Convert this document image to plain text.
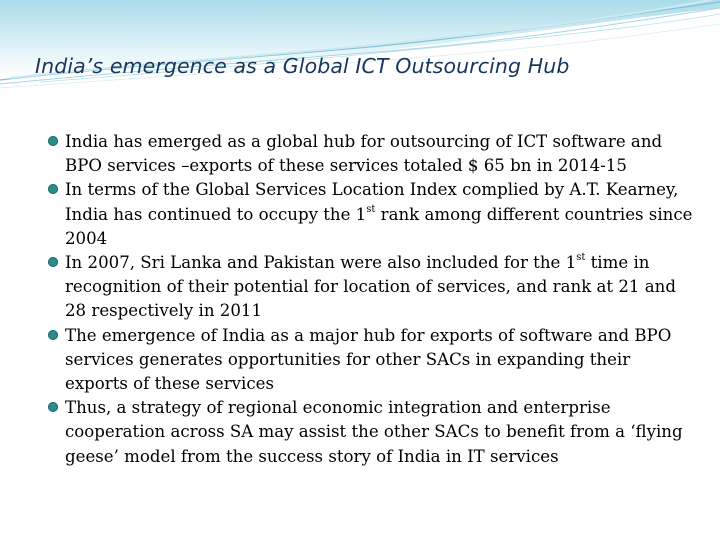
India’s emergence as a Global ICT Outsourcing Hub
India has emerged as a global hub for outsourcing of ICT software and BPO services –exports of these services totaled $ 65 bn in 2014-15
In terms of the Global Services Location Index complied by A.T. Kearney, India has continued to occupy the 1st rank among different countries since 2004
In 2007, Sri Lanka and Pakistan were also included for the 1st time in recognition of their potential for location of services, and rank at 21 and 28 respectively in 2011
The emergence of India as a major hub for exports of software and BPO services generates opportunities for other SACs in expanding their exports of these services
Thus, a strategy of regional economic integration and enterprise cooperation across SA may assist the other SACs to benefit from a ‘flying geese’ model from the success story of India in IT services
